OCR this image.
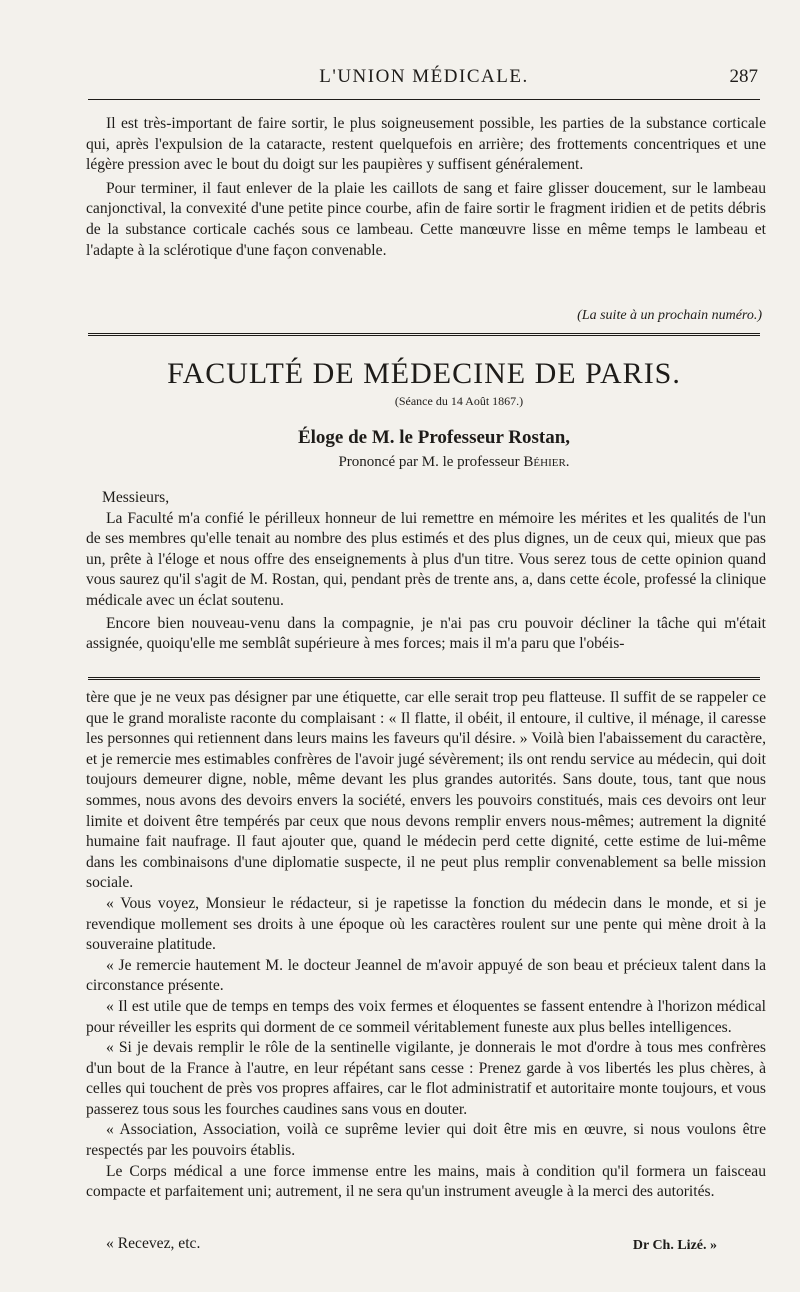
L'UNION MÉDICALE.	287

Il est très-important de faire sortir, le plus soigneusement possible, les parties de la substance corticale qui, après l'expulsion de la cataracte, restent quelquefois en arrière; des frottements concentriques et une légère pression avec le bout du doigt sur les paupières y suffisent généralement.

Pour terminer, il faut enlever de la plaie les caillots de sang et faire glisser doucement, sur le lambeau canjonctival, la convexité d'une petite pince courbe, afin de faire sortir le fragment iridien et de petits débris de la substance corticale cachés sous ce lambeau. Cette manœuvre lisse en même temps le lambeau et l'adapte à la sclérotique d'une façon convenable.

(La suite à un prochain numéro.)
FACULTÉ DE MÉDECINE DE PARIS.
(Séance du 14 Août 1867.)
Éloge de M. le Professeur Rostan,
Prononcé par M. le professeur Béhier.

Messieurs,

La Faculté m'a confié le périlleux honneur de lui remettre en mémoire les mérites et les qualités de l'un de ses membres qu'elle tenait au nombre des plus estimés et des plus dignes, un de ceux qui, mieux que pas un, prête à l'éloge et nous offre des enseignements à plus d'un titre. Vous serez tous de cette opinion quand vous saurez qu'il s'agit de M. Rostan, qui, pendant près de trente ans, a, dans cette école, professé la clinique médicale avec un éclat soutenu.

Encore bien nouveau-venu dans la compagnie, je n'ai pas cru pouvoir décliner la tâche qui m'était assignée, quoiqu'elle me semblât supérieure à mes forces; mais il m'a paru que l'obéis-

tère que je ne veux pas désigner par une étiquette, car elle serait trop peu flatteuse. Il suffit de se rappeler ce que le grand moraliste raconte du complaisant : « Il flatte, il obéit, il entoure, il cultive, il ménage, il caresse les personnes qui retiennent dans leurs mains les faveurs qu'il désire. » Voilà bien l'abaissement du caractère, et je remercie mes estimables confrères de l'avoir jugé sévèrement; ils ont rendu service au médecin, qui doit toujours demeurer digne, noble, même devant les plus grandes autorités. Sans doute, tous, tant que nous sommes, nous avons des devoirs envers la société, envers les pouvoirs constitués, mais ces devoirs ont leur limite et doivent être tempérés par ceux que nous devons remplir envers nous-mêmes; autrement la dignité humaine fait naufrage. Il faut ajouter que, quand le médecin perd cette dignité, cette estime de lui-même dans les combinaisons d'une diplomatie suspecte, il ne peut plus remplir convenablement sa belle mission sociale.

« Vous voyez, Monsieur le rédacteur, si je rapetisse la fonction du médecin dans le monde, et si je revendique mollement ses droits à une époque où les caractères roulent sur une pente qui mène droit à la souveraine platitude.

« Je remercie hautement M. le docteur Jeannel de m'avoir appuyé de son beau et précieux talent dans la circonstance présente.

« Il est utile que de temps en temps des voix fermes et éloquentes se fassent entendre à l'horizon médical pour réveiller les esprits qui dorment de ce sommeil véritablement funeste aux plus belles intelligences.

« Si je devais remplir le rôle de la sentinelle vigilante, je donnerais le mot d'ordre à tous mes confrères d'un bout de la France à l'autre, en leur répétant sans cesse : Prenez garde à vos libertés les plus chères, à celles qui touchent de près vos propres affaires, car le flot administratif et autoritaire monte toujours, et vous passerez tous sous les fourches caudines sans vous en douter.

« Association, Association, voilà ce suprême levier qui doit être mis en œuvre, si nous voulons être respectés par les pouvoirs établis.

Le Corps médical a une force immense entre les mains, mais à condition qu'il formera un faisceau compacte et parfaitement uni; autrement, il ne sera qu'un instrument aveugle à la merci des autorités.

« Recevez, etc.	Dr Ch. Lizé. »
